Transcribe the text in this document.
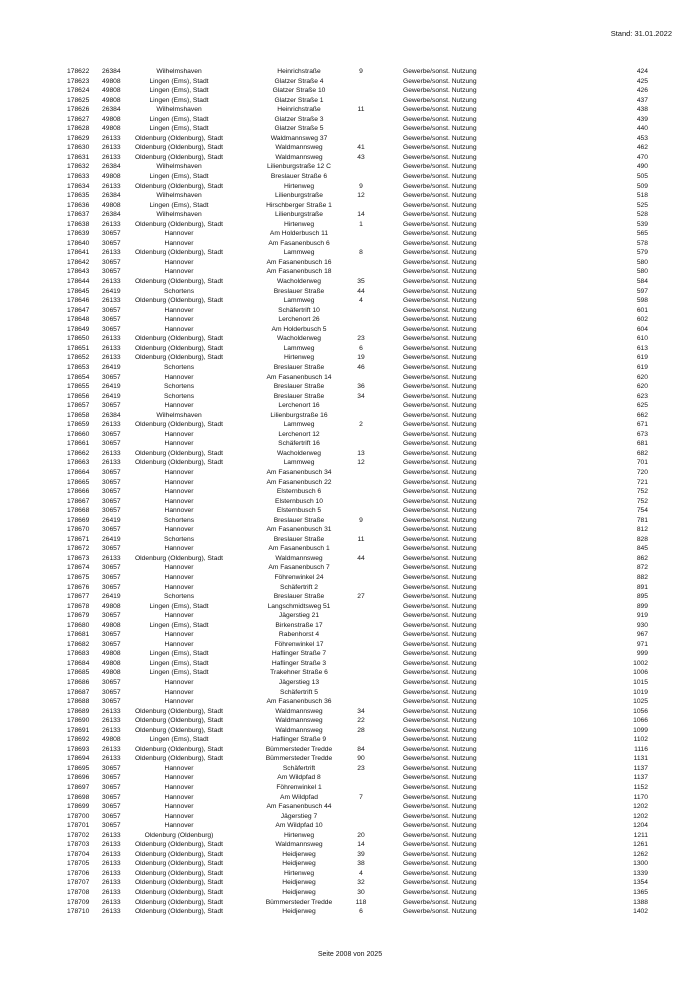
Stand: 31.01.2022
178622 26384	Wilhelmshaven	Heinrichstraße	9	Gewerbe/sonst. Nutzung	424
178623 49808	Lingen (Ems), Stadt	Glatzer Straße 4	Gewerbe/sonst. Nutzung	425
178624 49808	Lingen (Ems), Stadt	Glatzer Straße 10	Gewerbe/sonst. Nutzung	426
178625 49808	Lingen (Ems), Stadt	Glatzer Straße 1	Gewerbe/sonst. Nutzung	437
178626 26384	Wilhelmshaven	Heinrichstraße	11	Gewerbe/sonst. Nutzung	438
178627 49808	Lingen (Ems), Stadt	Glatzer Straße 3	Gewerbe/sonst. Nutzung	439
178628 49808	Lingen (Ems), Stadt	Glatzer Straße 5	Gewerbe/sonst. Nutzung	440
178629 26133	Oldenburg (Oldenburg), Stadt	Waldmannsweg 37	Gewerbe/sonst. Nutzung	453
178630 26133	Oldenburg (Oldenburg), Stadt	Waldmannsweg	41	Gewerbe/sonst. Nutzung	462
178631 26133	Oldenburg (Oldenburg), Stadt	Waldmannsweg	43	Gewerbe/sonst. Nutzung	470
178632 26384	Wilhelmshaven	Lilienburgstraße 12 C	Gewerbe/sonst. Nutzung	490
178633 49808	Lingen (Ems), Stadt	Breslauer Straße 6	Gewerbe/sonst. Nutzung	505
178634 26133	Oldenburg (Oldenburg), Stadt	Hirtenweg	9	Gewerbe/sonst. Nutzung	509
178635 26384	Wilhelmshaven	Lilienburgstraße	12	Gewerbe/sonst. Nutzung	518
178636 49808	Lingen (Ems), Stadt	Hirschberger Straße 1	Gewerbe/sonst. Nutzung	525
178637 26384	Wilhelmshaven	Lilienburgstraße	14	Gewerbe/sonst. Nutzung	528
178638 26133	Oldenburg (Oldenburg), Stadt	Hirtenweg	1	Gewerbe/sonst. Nutzung	539
178639 30657	Hannover	Am Holderbusch 11	Gewerbe/sonst. Nutzung	565
178640 30657	Hannover	Am Fasanenbusch 6	Gewerbe/sonst. Nutzung	578
178641 26133	Oldenburg (Oldenburg), Stadt	Lammweg	8	Gewerbe/sonst. Nutzung	579
178642 30657	Hannover	Am Fasanenbusch 16	Gewerbe/sonst. Nutzung	580
178643 30657	Hannover	Am Fasanenbusch 18	Gewerbe/sonst. Nutzung	580
178644 26133	Oldenburg (Oldenburg), Stadt	Wacholderweg	35	Gewerbe/sonst. Nutzung	584
178645 26419	Schortens	Breslauer Straße	44	Gewerbe/sonst. Nutzung	597
178646 26133	Oldenburg (Oldenburg), Stadt	Lammweg	4	Gewerbe/sonst. Nutzung	598
178647 30657	Hannover	Schäfertrift 10	Gewerbe/sonst. Nutzung	601
178648 30657	Hannover	Lerchenort 26	Gewerbe/sonst. Nutzung	602
178649 30657	Hannover	Am Holderbusch 5	Gewerbe/sonst. Nutzung	604
178650 26133	Oldenburg (Oldenburg), Stadt	Wacholderweg	23	Gewerbe/sonst. Nutzung	610
178651 26133	Oldenburg (Oldenburg), Stadt	Lammweg	6	Gewerbe/sonst. Nutzung	613
178652 26133	Oldenburg (Oldenburg), Stadt	Hirtenweg	19	Gewerbe/sonst. Nutzung	619
178653 26419	Schortens	Breslauer Straße	46	Gewerbe/sonst. Nutzung	619
178654 30657	Hannover	Am Fasanenbusch 14	Gewerbe/sonst. Nutzung	620
178655 26419	Schortens	Breslauer Straße	36	Gewerbe/sonst. Nutzung	620
178656 26419	Schortens	Breslauer Straße	34	Gewerbe/sonst. Nutzung	623
178657 30657	Hannover	Lerchenort 16	Gewerbe/sonst. Nutzung	625
178658 26384	Wilhelmshaven	Lilienburgstraße 16	Gewerbe/sonst. Nutzung	662
178659 26133	Oldenburg (Oldenburg), Stadt	Lammweg	2	Gewerbe/sonst. Nutzung	671
178660 30657	Hannover	Lerchenort 12	Gewerbe/sonst. Nutzung	673
178661 30657	Hannover	Schäfertrift 16	Gewerbe/sonst. Nutzung	681
178662 26133	Oldenburg (Oldenburg), Stadt	Wacholderweg	13	Gewerbe/sonst. Nutzung	682
178663 26133	Oldenburg (Oldenburg), Stadt	Lammweg	12	Gewerbe/sonst. Nutzung	701
178664 30657	Hannover	Am Fasanenbusch 34	Gewerbe/sonst. Nutzung	720
178665 30657	Hannover	Am Fasanenbusch 22	Gewerbe/sonst. Nutzung	721
178666 30657	Hannover	Elsternbusch 6	Gewerbe/sonst. Nutzung	752
178667 30657	Hannover	Elsternbusch 10	Gewerbe/sonst. Nutzung	752
178668 30657	Hannover	Elsternbusch 5	Gewerbe/sonst. Nutzung	754
178669 26419	Schortens	Breslauer Straße	9	Gewerbe/sonst. Nutzung	781
178670 30657	Hannover	Am Fasanenbusch 31	Gewerbe/sonst. Nutzung	812
178671 26419	Schortens	Breslauer Straße	11	Gewerbe/sonst. Nutzung	828
178672 30657	Hannover	Am Fasanenbusch 1	Gewerbe/sonst. Nutzung	845
178673 26133	Oldenburg (Oldenburg), Stadt	Waldmannsweg	44	Gewerbe/sonst. Nutzung	862
178674 30657	Hannover	Am Fasanenbusch 7	Gewerbe/sonst. Nutzung	872
178675 30657	Hannover	Föhrenwinkel 24	Gewerbe/sonst. Nutzung	882
178676 30657	Hannover	Schäfertrift 2	Gewerbe/sonst. Nutzung	891
178677 26419	Schortens	Breslauer Straße	27	Gewerbe/sonst. Nutzung	895
178678 49808	Lingen (Ems), Stadt	Langschmidtsweg 51	Gewerbe/sonst. Nutzung	899
178679 30657	Hannover	Jägerstieg 21	Gewerbe/sonst. Nutzung	919
178680 49808	Lingen (Ems), Stadt	Birkenstraße 17	Gewerbe/sonst. Nutzung	930
178681 30657	Hannover	Rabenhorst 4	Gewerbe/sonst. Nutzung	967
178682 30657	Hannover	Föhrenwinkel 17	Gewerbe/sonst. Nutzung	971
178683 49808	Lingen (Ems), Stadt	Haflinger Straße 7	Gewerbe/sonst. Nutzung	999
178684 49808	Lingen (Ems), Stadt	Haflinger Straße 3	Gewerbe/sonst. Nutzung	1002
178685 49808	Lingen (Ems), Stadt	Trakehner Straße 6	Gewerbe/sonst. Nutzung	1006
178686 30657	Hannover	Jägerstieg 13	Gewerbe/sonst. Nutzung	1015
178687 30657	Hannover	Schäfertrift 5	Gewerbe/sonst. Nutzung	1019
178688 30657	Hannover	Am Fasanenbusch 36	Gewerbe/sonst. Nutzung	1025
178689 26133	Oldenburg (Oldenburg), Stadt	Waldmannsweg	34	Gewerbe/sonst. Nutzung	1056
178690 26133	Oldenburg (Oldenburg), Stadt	Waldmannsweg	22	Gewerbe/sonst. Nutzung	1066
178691 26133	Oldenburg (Oldenburg), Stadt	Waldmannsweg	28	Gewerbe/sonst. Nutzung	1099
178692 49808	Lingen (Ems), Stadt	Haflinger Straße 9	Gewerbe/sonst. Nutzung	1102
178693 26133	Oldenburg (Oldenburg), Stadt	Bümmersteder Tredde	84	Gewerbe/sonst. Nutzung	1116
178694 26133	Oldenburg (Oldenburg), Stadt	Bümmersteder Tredde	90	Gewerbe/sonst. Nutzung	1131
178695 30657	Hannover	Schäfertrift	23	Gewerbe/sonst. Nutzung	1137
178696 30657	Hannover	Am Wildpfad 8	Gewerbe/sonst. Nutzung	1137
178697 30657	Hannover	Föhrenwinkel 1	Gewerbe/sonst. Nutzung	1152
178698 30657	Hannover	Am Wildpfad	7	Gewerbe/sonst. Nutzung	1170
178699 30657	Hannover	Am Fasanenbusch 44	Gewerbe/sonst. Nutzung	1202
178700 30657	Hannover	Jägerstieg 7	Gewerbe/sonst. Nutzung	1202
178701 30657	Hannover	Am Wildpfad 10	Gewerbe/sonst. Nutzung	1204
178702 26133	Oldenburg (Oldenburg)	Hirtenweg	20	Gewerbe/sonst. Nutzung	1211
178703 26133	Oldenburg (Oldenburg), Stadt	Waldmannsweg	14	Gewerbe/sonst. Nutzung	1261
178704 26133	Oldenburg (Oldenburg), Stadt	Heidjerweg	39	Gewerbe/sonst. Nutzung	1262
178705 26133	Oldenburg (Oldenburg), Stadt	Heidjerweg	38	Gewerbe/sonst. Nutzung	1300
178706 26133	Oldenburg (Oldenburg), Stadt	Hirtenweg	4	Gewerbe/sonst. Nutzung	1339
178707 26133	Oldenburg (Oldenburg), Stadt	Heidjerweg	32	Gewerbe/sonst. Nutzung	1354
178708 26133	Oldenburg (Oldenburg), Stadt	Heidjerweg	30	Gewerbe/sonst. Nutzung	1365
178709 26133	Oldenburg (Oldenburg), Stadt	Bümmersteder Tredde	118	Gewerbe/sonst. Nutzung	1388
178710 26133	Oldenburg (Oldenburg), Stadt	Heidjerweg	6	Gewerbe/sonst. Nutzung	1402
Seite 2008 von 2025
